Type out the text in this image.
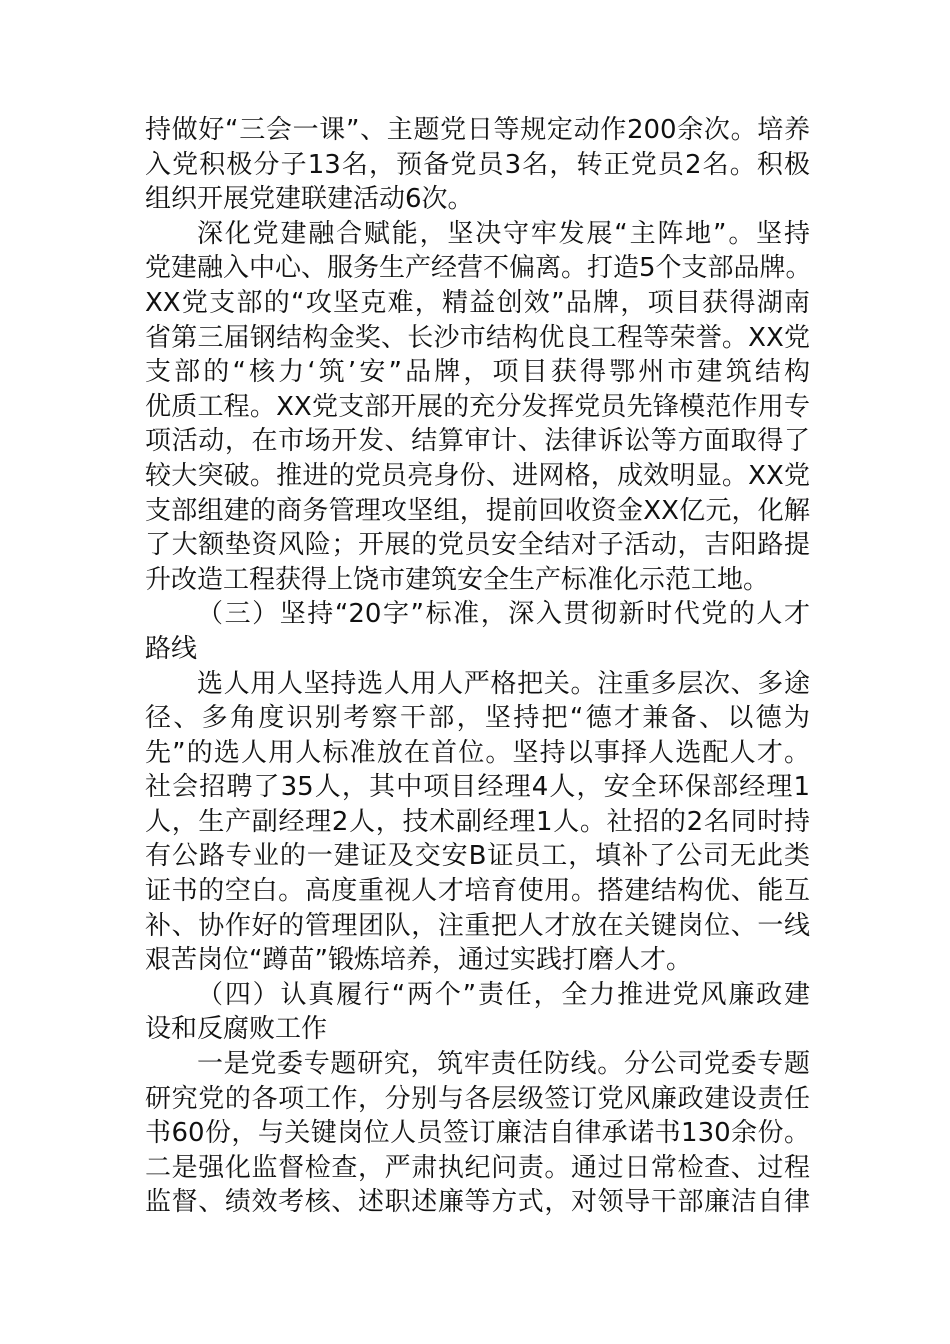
持做好“三会一课”、主题党日等规定动作200余次。培养
入党积极分子13名，预备党员3名，转正党员2名。积极
组织开展党建联建活动6次。
深化党建融合赋能，坚决守牢发展“主阵地”。坚持
党建融入中心、服务生产经营不偏离。打造5个支部品牌。
XX党支部的“攻坚克难，精益创效”品牌，项目获得湖南
省第三届钢结构金奖、长沙市结构优良工程等荣誉。XX党
支部的“核力‘筑’安”品牌，项目获得鄂州市建筑结构
优质工程。XX党支部开展的充分发挥党员先锋模范作用专
项活动，在市场开发、结算审计、法律诉讼等方面取得了
较大突破。推进的党员亮身份、进网格，成效明显。XX党
支部组建的商务管理攻坚组，提前回收资金XX亿元，化解
了大额垫资风险；开展的党员安全结对子活动，吉阳路提
升改造工程获得上饶市建筑安全生产标准化示范工地。
（三）坚持“20字”标准，深入贯彻新时代党的人才
路线
选人用人坚持选人用人严格把关。注重多层次、多途
径、多角度识别考察干部，坚持把“德才兼备、以德为
先”的选人用人标准放在首位。坚持以事择人选配人才。
社会招聘了35人，其中项目经理4人，安全环保部经理1
人，生产副经理2人，技术副经理1人。社招的2名同时持
有公路专业的一建证及交安B证员工，填补了公司无此类
证书的空白。高度重视人才培育使用。搭建结构优、能互
补、协作好的管理团队，注重把人才放在关键岗位、一线
艰苦岗位“蹲苗”锻炼培养，通过实践打磨人才。
（四）认真履行“两个”责任，全力推进党风廉政建
设和反腐败工作
一是党委专题研究，筑牢责任防线。分公司党委专题
研究党的各项工作，分别与各层级签订党风廉政建设责任
书60份，与关键岗位人员签订廉洁自律承诺书130余份。
二是强化监督检查，严肃执纪问责。通过日常检查、过程
监督、绩效考核、述职述廉等方式，对领导干部廉洁自律
